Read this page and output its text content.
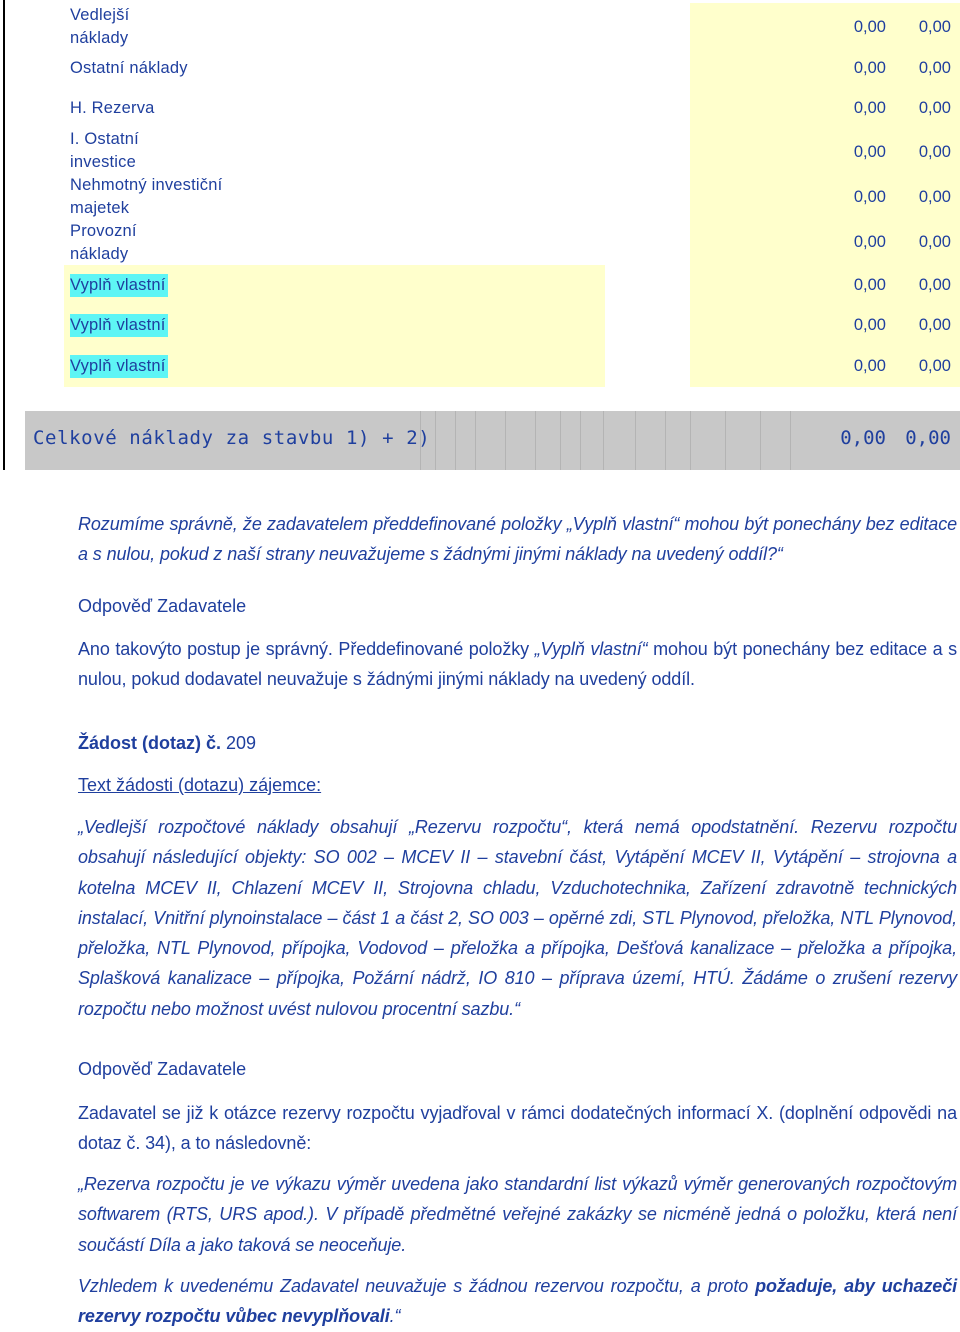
Vedlejší
náklady
0,00 0,00
Ostatní náklady	0,00 0,00
H. Rezerva	0,00 0,00
I. Ostatní
investice
0,00 0,00
Nehmotný investiční
majetek
0,00 0,00
Provozní
náklady
0,00 0,00
Vyplň vlastní	0,00 0,00
Vyplň vlastní	0,00 0,00
Vyplň vlastní	0,00 0,00
Celkové náklady za stavbu 1) + 2)	0,00 0,00
Rozumíme správně, že zadavatelem předdefinované položky „Vyplň vlastní“ mohou být ponechány bez editace a s nulou, pokud z naší strany neuvažujeme s žádnými jinými náklady na uvedený oddíl?“
Odpověď Zadavatele
Ano takovýto postup je správný. Předdefinované položky „Vyplň vlastní“ mohou být ponechány bez editace a s nulou, pokud dodavatel neuvažuje s žádnými jinými náklady na uvedený oddíl.
Žádost (dotaz) č. 209
Text žádosti (dotazu) zájemce:
„Vedlejší rozpočtové náklady obsahují „Rezervu rozpočtu“, která nemá opodstatnění. Rezervu rozpočtu obsahují následující objekty: SO 002 – MCEV II – stavební část, Vytápění MCEV II, Vytápění – strojovna a kotelna MCEV II, Chlazení MCEV II, Strojovna chladu, Vzduchotechnika, Zařízení zdravotně technických instalací, Vnitřní plynoinstalace – část 1 a část 2, SO 003 – opěrné zdi, STL Plynovod, přeložka, NTL Plynovod, přeložka, NTL Plynovod, přípojka, Vodovod – přeložka a přípojka, Dešťová kanalizace – přeložka a přípojka, Splašková kanalizace – přípojka, Požární nádrž, IO 810 – příprava území, HTÚ. Žádáme o zrušení rezervy rozpočtu nebo možnost uvést nulovou procentní sazbu.“
Odpověď Zadavatele
Zadavatel se již k otázce rezervy rozpočtu vyjadřoval v rámci dodatečných informací X. (doplnění odpovědi na dotaz č. 34), a to následovně:
„Rezerva rozpočtu je ve výkazu výměr uvedena jako standardní list výkazů výměr generovaných rozpočtovým softwarem (RTS, URS apod.). V případě předmětné veřejné zakázky se nicméně jedná o položku, která není součástí Díla a jako taková se neoceňuje.
Vzhledem k uvedenému Zadavatel neuvažuje s žádnou rezervou rozpočtu, a proto požaduje, aby uchazeči rezervy rozpočtu vůbec nevyplňovali.“
